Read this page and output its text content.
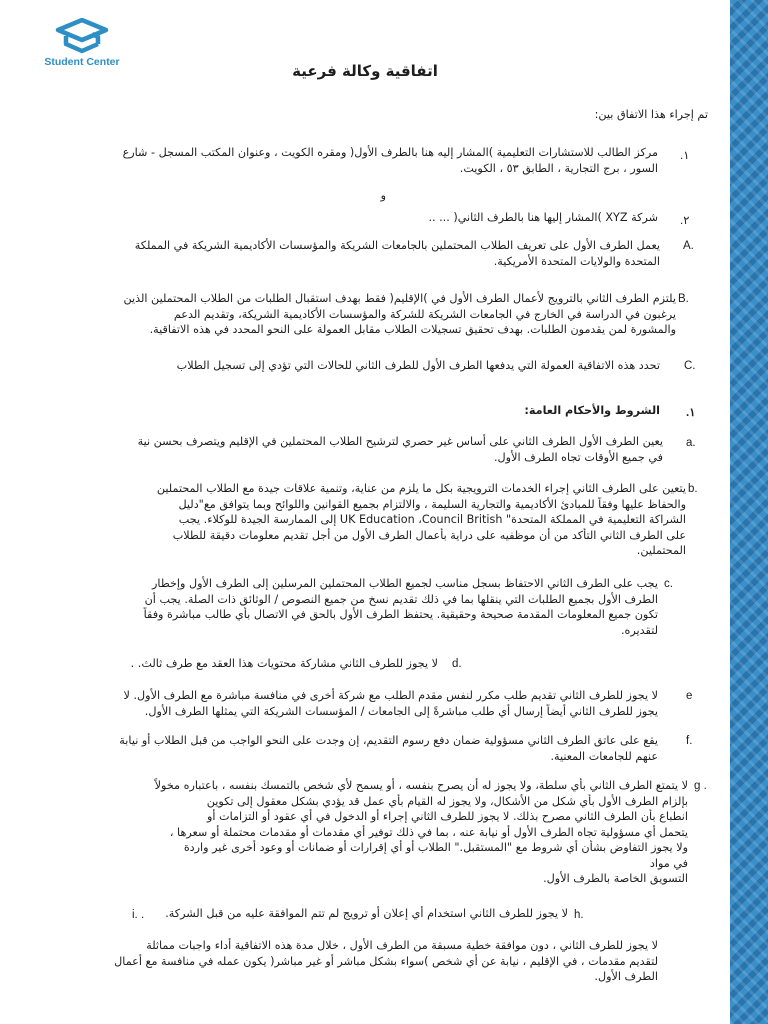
Student Center	اتفاقية وكالة فرعية
تم إجراء هذا الاتفاق بين:
.١
مركز الطالب للاستشارات التعليمية )المشار إليه هنا بالطرف الأول( ومقره الكويت ، وعنوان المكتب المسجل - شارع
السور ، برج التجارية ، الطابق ٥٣ ، الكويت.
و
.٢
شركة XYZ )المشار إليها هنا بالطرف الثاني( ... ..
A.
يعمل الطرف الأول على تعريف الطلاب المحتملين بالجامعات الشريكة والمؤسسات الأكاديمية الشريكة في المملكة
المتحدة والولايات المتحدة الأمريكية.
B.
يلتزم الطرف الثاني بالترويج لأعمال الطرف الأول في )الإقليم( فقط بهدف استقبال الطلبات من الطلاب المحتملين الذين
يرغبون في الدراسة في الخارج في الجامعات الشريكة للشركة والمؤسسات الأكاديمية الشريكة، وتقديم الدعم
والمشورة لمن يقدمون الطلبات. بهدف تحقيق تسجيلات الطلاب مقابل العمولة على النحو المحدد في هذه الاتفاقية.
C.
تحدد هذه الاتفاقية العمولة التي يدفعها الطرف الأول للطرف الثاني للحالات التي تؤدي إلى تسجيل الطلاب
.١
الشروط والأحكام العامة:
a.
يعين الطرف الأول الطرف الثاني على أساس غير حصري لترشيح الطلاب المحتملين في الإقليم ويتصرف بحسن نية
في جميع الأوقات تجاه الطرف الأول.
b.
يتعين على الطرف الثاني إجراء الخدمات الترويجية بكل ما يلزم من عناية، وتنمية علاقات جيدة مع الطلاب المحتملين
والحفاظ عليها وفقاً للمبادئ الأكاديمية والتجارية السليمة ، والالتزام بجميع القوانين واللوائح وبما يتوافق مع"دليل
الشراكة التعليمية في المملكة المتحدة" UK Education ،Council British إلى الممارسة الجيدة للوكلاء. يجب
على الطرف الثاني التأكد من أن موظفيه على دراية بأعمال الطرف الأول من أجل تقديم معلومات دقيقة للطلاب
المحتملين.
c.
يجب على الطرف الثاني الاحتفاظ بسجل مناسب لجميع الطلاب المحتملين المرسلين إلى الطرف الأول وإخطار
الطرف الأول بجميع الطلبات التي ينقلها بما في ذلك تقديم نسخ من جميع النصوص / الوثائق ذات الصلة. يجب أن
تكون جميع المعلومات المقدمة صحيحة وحقيقية. يحتفظ الطرف الأول بالحق في الاتصال بأي طالب مباشرة وفقاً
لتقديره.
d.
لا يجوز للطرف الثاني مشاركة محتويات هذا العقد مع طرف ثالث. .
e
لا يجوز للطرف الثاني تقديم طلب مكرر لنفس مقدم الطلب مع شركة أخرى في منافسة مباشرة مع الطرف الأول. لا
يجوز للطرف الثاني أيضاً إرسال أي طلب مباشرةً إلى الجامعات / المؤسسات الشريكة التي يمثلها الطرف الأول.
f.
يقع على عاتق الطرف الثاني مسؤولية ضمان دفع رسوم التقديم، إن وجدت على النحو الواجب من قبل الطلاب أو نيابة
عنهم للجامعات المعنية.
g .
لا يتمتع الطرف الثاني بأي سلطة، ولا يجوز له أن يصرح بنفسه ، أو يسمح لأي شخص بالتمسك بنفسه ، باعتباره مخولاً
بإلزام الطرف الأول بأي شكل من الأشكال، ولا يجوز له القيام بأي عمل قد يؤدي بشكل معقول إلى تكوين
انطباع بأن الطرف الثاني مصرح بذلك. لا يجوز للطرف الثاني إجراء أو الدخول في أي عقود أو التزامات أو
يتحمل أي مسؤولية تجاه الطرف الأول أو نيابة عنه ، بما في ذلك توفير أي مقدمات أو مقدمات محتملة أو سعرها ،
ولا يجوز التفاوض بشأن أي شروط مع "المستقبل." الطلاب أو أي إقرارات أو ضمانات أو وعود أخرى غير واردة
في مواد
التسويق الخاصة بالطرف الأول.
i. .	لا يجوز للطرف الثاني استخدام أي إعلان أو ترويج لم تتم الموافقة عليه من قبل الشركة. h.
لا يجوز للطرف الثاني ، دون موافقة خطية مسبقة من الطرف الأول ، خلال مدة هذه الاتفاقية أداء واجبات مماثلة
لتقديم مقدمات ، في الإقليم ، نيابة عن أي شخص )سواء بشكل مباشر أو غير مباشر( يكون عمله في منافسة مع أعمال
الطرف الأول.
